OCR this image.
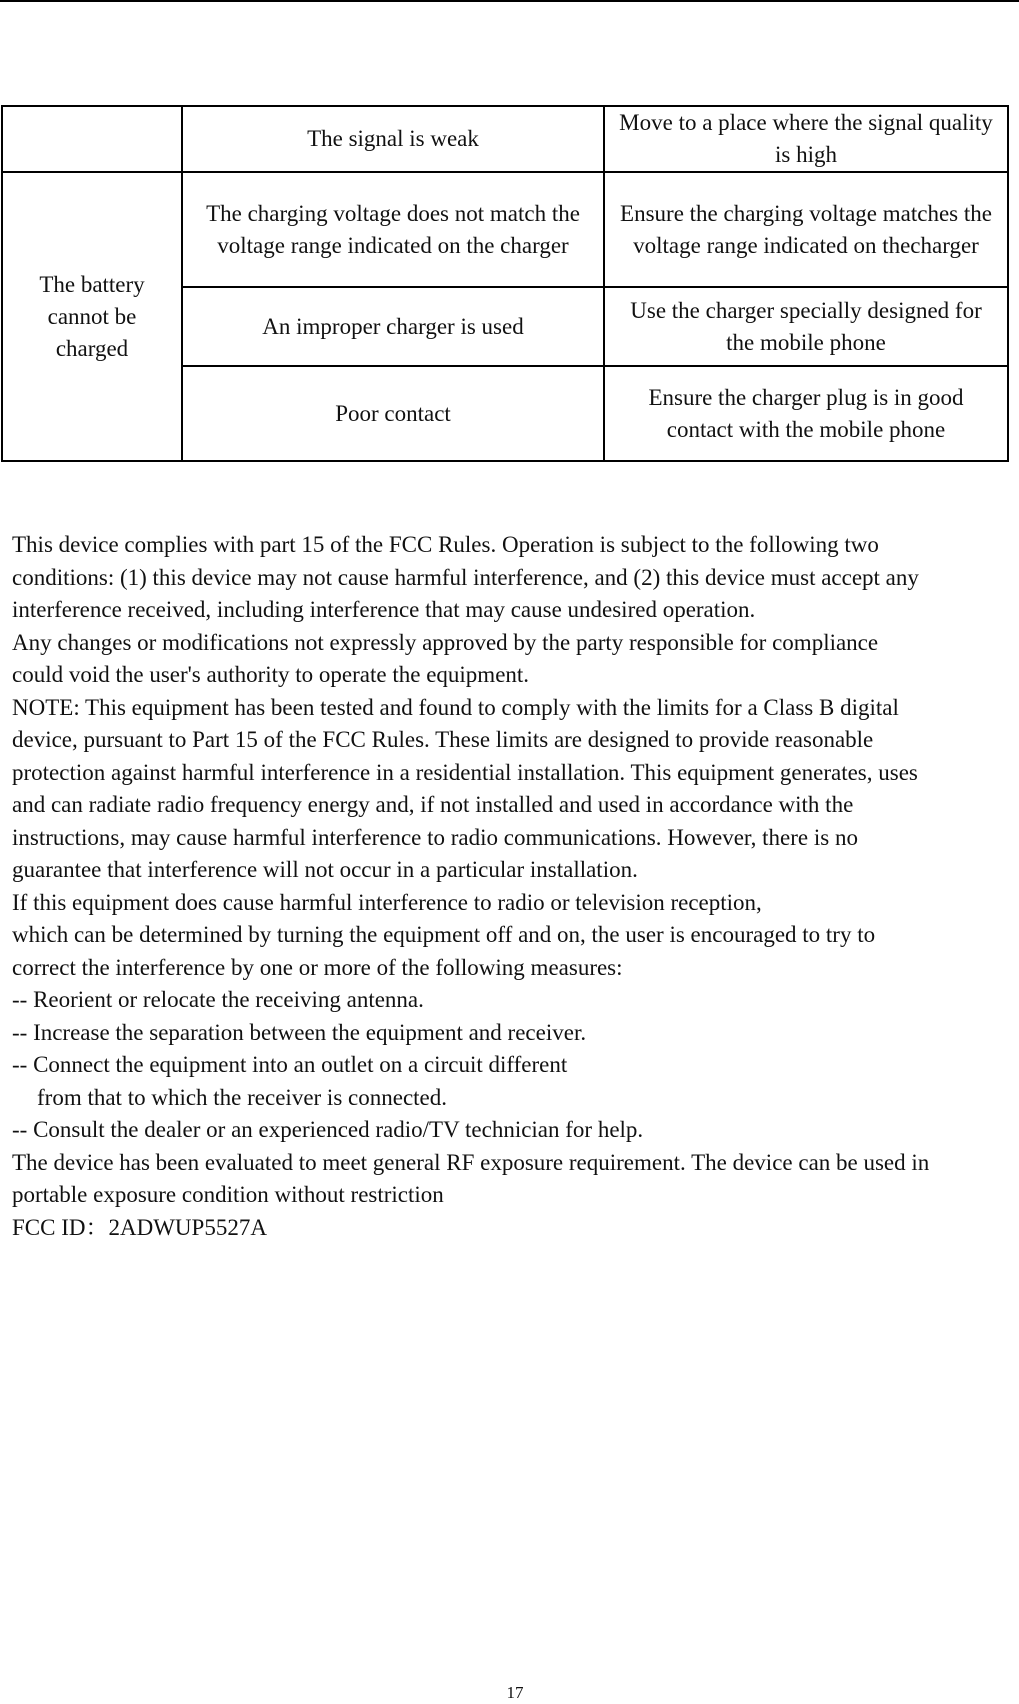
	The signal is weak	Move to a place where the signal quality is high
The battery cannot be charged	The charging voltage does not match the voltage range indicated on the charger	Ensure the charging voltage matches the voltage range indicated on thecharger
	An improper charger is used	Use the charger specially designed for the mobile phone
	Poor contact	Ensure the charger plug is in good contact with the mobile phone
This device complies with part 15 of the FCC Rules. Operation is subject to the following two
conditions: (1) this device may not cause harmful interference, and (2) this device must accept any
interference received, including interference that may cause undesired operation.
Any changes or modifications not expressly approved by the party responsible for compliance
could void the user's authority to operate the equipment.
NOTE: This equipment has been tested and found to comply with the limits for a Class B digital
device, pursuant to Part 15 of the FCC Rules. These limits are designed to provide reasonable
protection against harmful interference in a residential installation. This equipment generates, uses
and can radiate radio frequency energy and, if not installed and used in accordance with the
instructions, may cause harmful interference to radio communications. However, there is no
guarantee that interference will not occur in a particular installation.
If this equipment does cause harmful interference to radio or television reception,
which can be determined by turning the equipment off and on, the user is encouraged to try to
correct the interference by one or more of the following measures:
-- Reorient or relocate the receiving antenna.
-- Increase the separation between the equipment and receiver.
-- Connect the equipment into an outlet on a circuit different
from that to which the receiver is connected.
-- Consult the dealer or an experienced radio/TV technician for help.
The device has been evaluated to meet general RF exposure requirement. The device can be used in
portable exposure condition without restriction
FCC ID：2ADWUP5527A
17
